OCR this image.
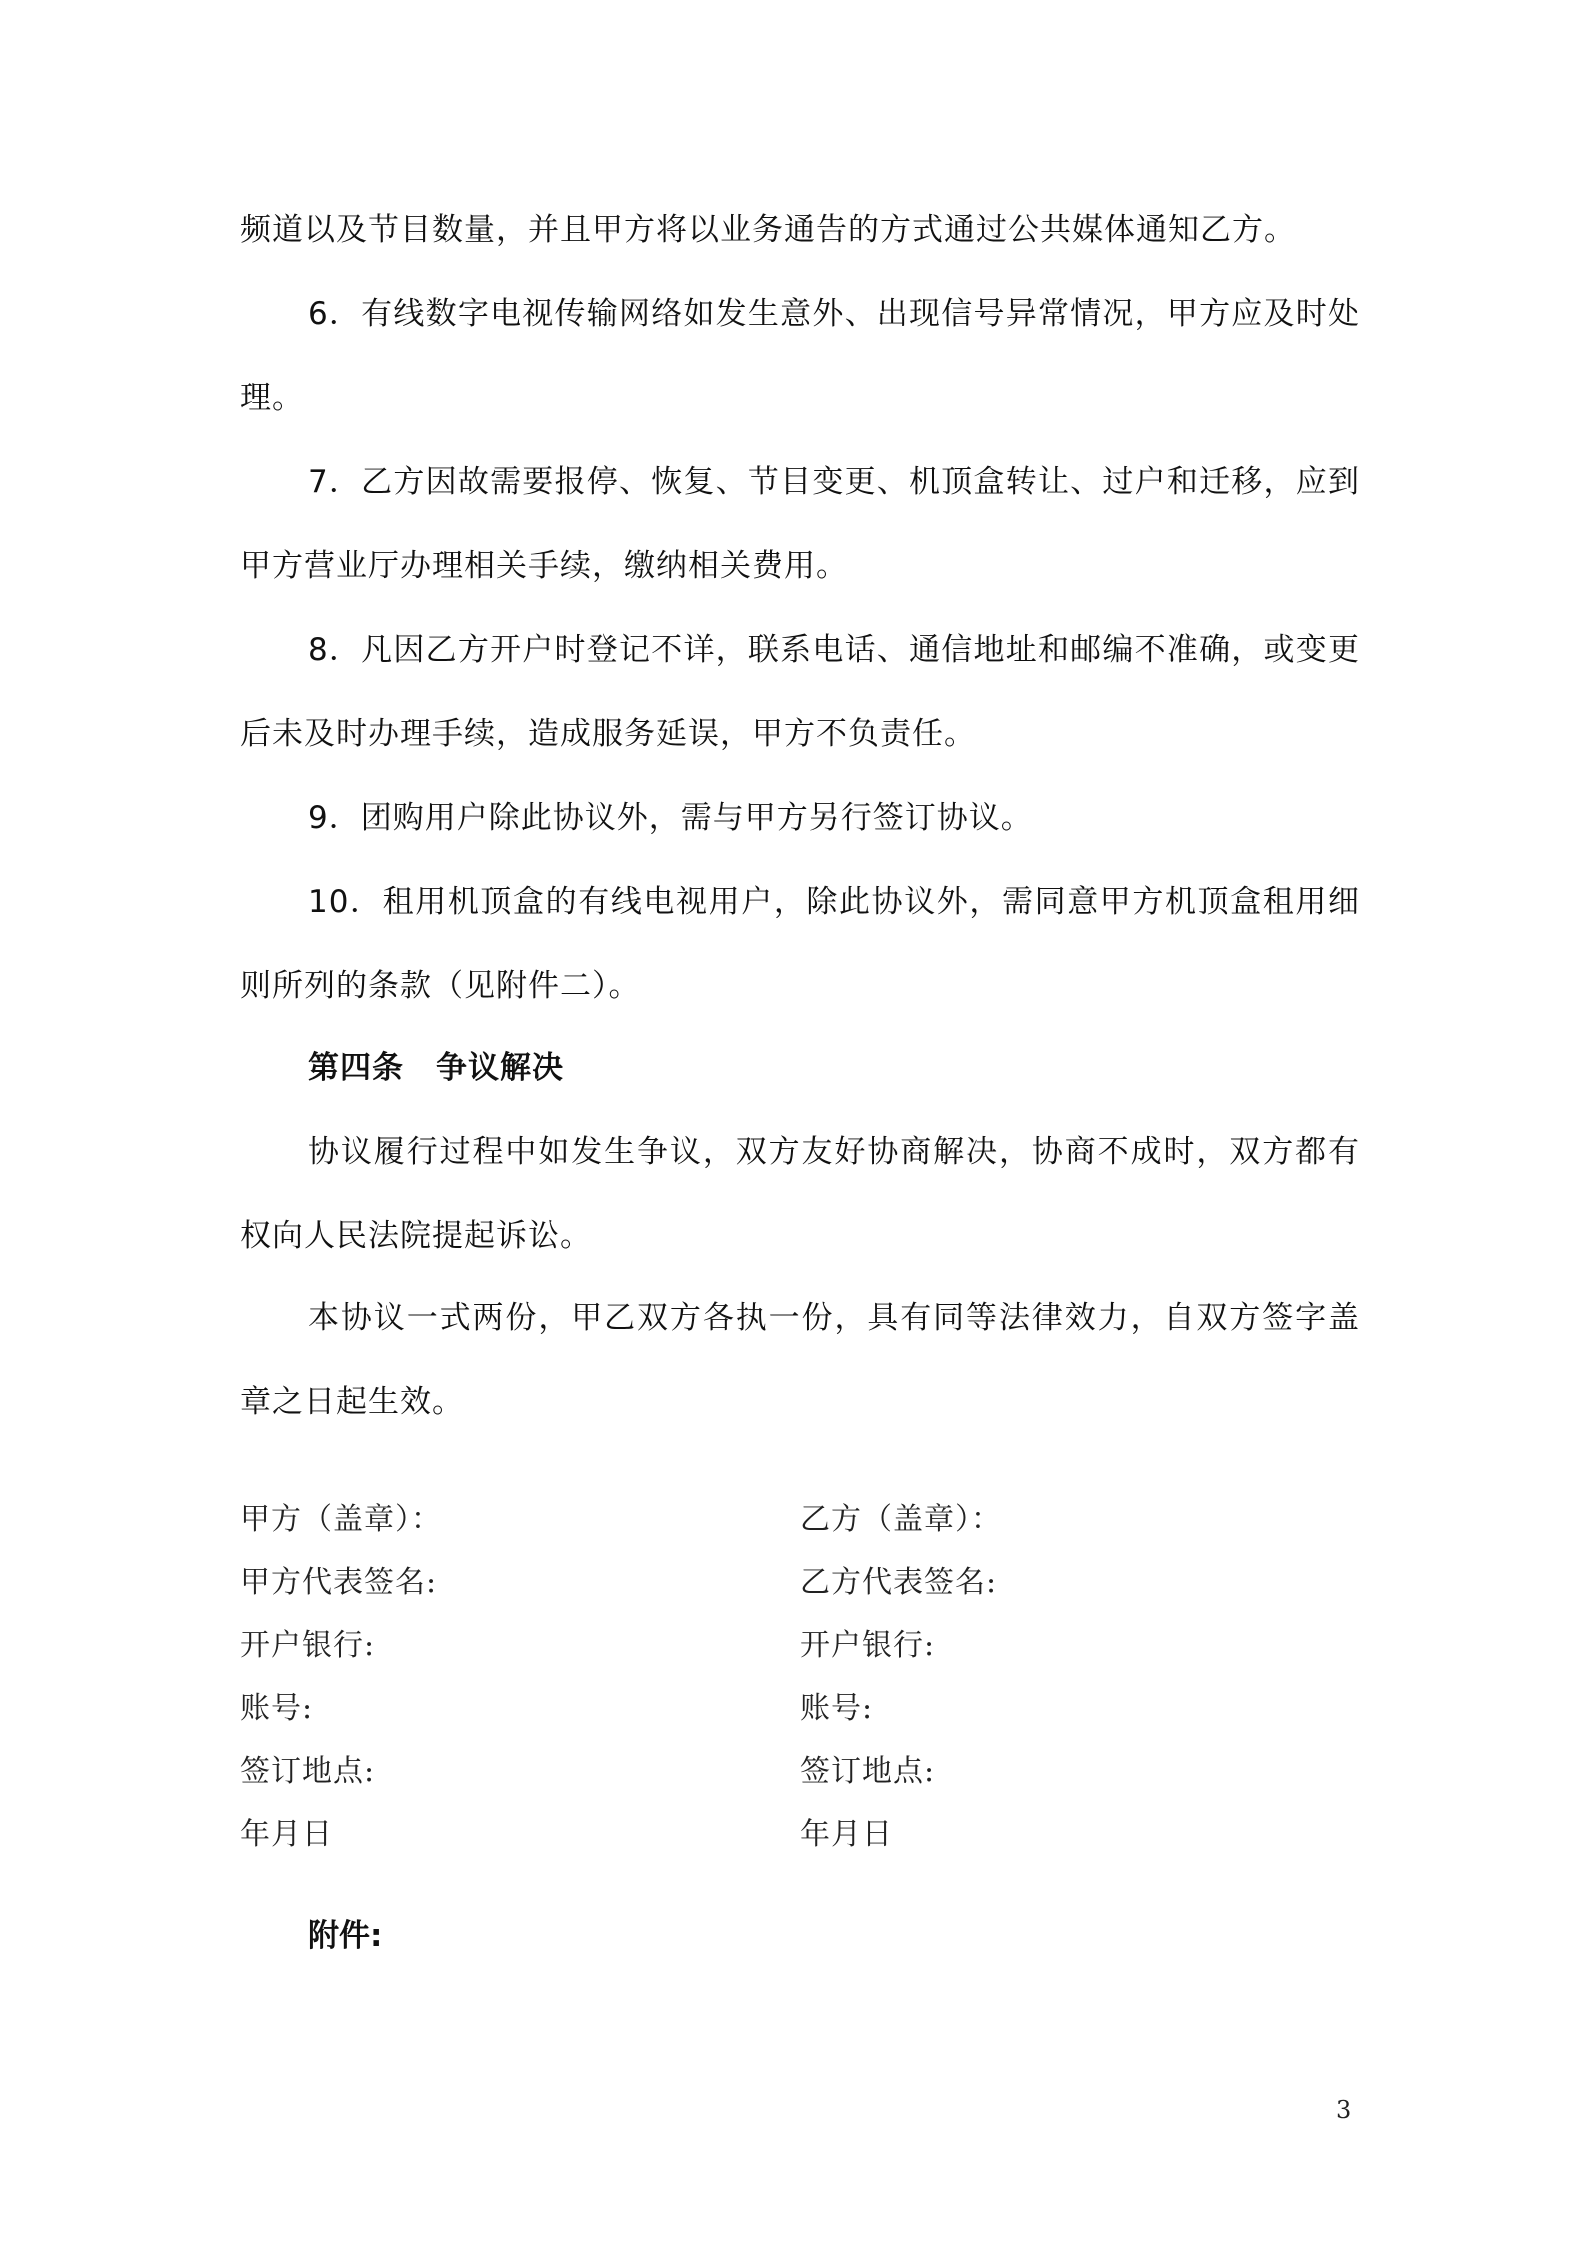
频道以及节目数量，并且甲方将以业务通告的方式通过公共媒体通知乙方。

6．有线数字电视传输网络如发生意外、出现信号异常情况，甲方应及时处理。

7．乙方因故需要报停、恢复、节目变更、机顶盒转让、过户和迁移，应到甲方营业厅办理相关手续，缴纳相关费用。

8．凡因乙方开户时登记不详，联系电话、通信地址和邮编不准确，或变更后未及时办理手续，造成服务延误，甲方不负责任。

9．团购用户除此协议外，需与甲方另行签订协议。

10．租用机顶盒的有线电视用户，除此协议外，需同意甲方机顶盒租用细则所列的条款（见附件二）。

第四条　争议解决

协议履行过程中如发生争议，双方友好协商解决，协商不成时，双方都有权向人民法院提起诉讼。

本协议一式两份，甲乙双方各执一份，具有同等法律效力，自双方签字盖章之日起生效。

甲方（盖章）：

甲方代表签名:

开户银行:

账号:

签订地点:

年月日

乙方（盖章）：

乙方代表签名:

开户银行:

账号:

签订地点:

年月日

附件:
3
